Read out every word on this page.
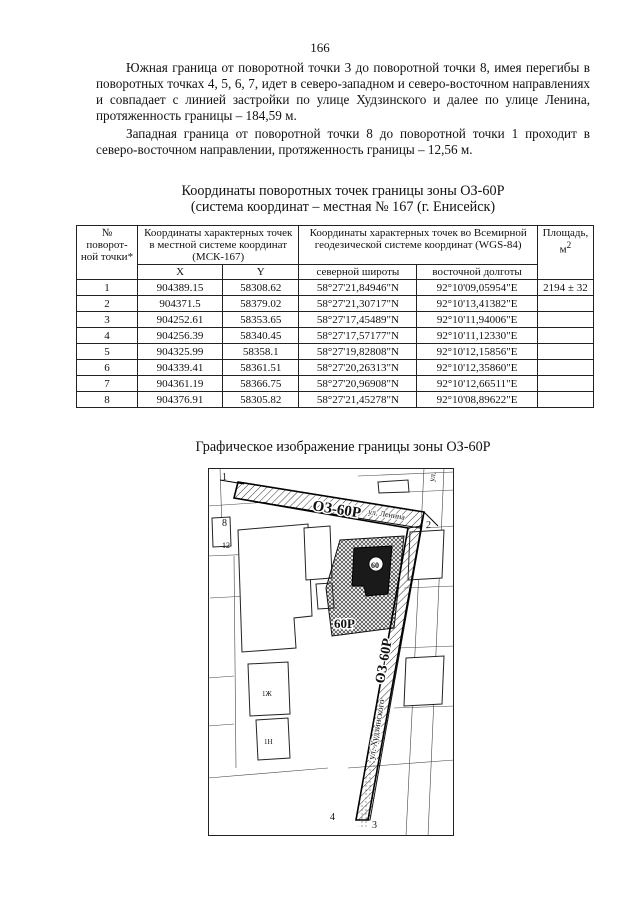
166

Южная граница от поворотной точки 3 до поворотной точки 8, имея перегибы в поворотных точках 4, 5, 6, 7, идет в северо-западном и северо-восточном направлениях и совпадает с линией застройки по улице Худзинского и далее по улице Ленина, протяженность границы – 184,59 м.

Западная граница от поворотной точки 8 до поворотной точки 1 проходит в северо-восточном направлении, протяженность границы – 12,56 м.

Координаты поворотных точек границы зоны ОЗ-60Р
(система координат – местная № 167 (г. Енисейск)
№ поворот-ной точки*	Координаты характерных точек в местной системе координат (МСК-167)		Координаты характерных точек во Всемирной геодезической системе координат (WGS-84)		Площадь, $м^2$
	X	Y	северной широты	восточной долготы	
1	904389.15	58308.62	58°27'21,84946"N	92°10'09,05954"E	2194 ± 32
2	904371.5	58379.02	58°27'21,30717"N	92°10'13,41382"E	
3	904252.61	58353.65	58°27'17,45489"N	92°10'11,94006"E	
4	904256.39	58340.45	58°27'17,57177"N	92°10'11,12330"E	
5	904325.99	58358.1	58°27'19,82808"N	92°10'12,15856"E	
6	904339.41	58361.51	58°27'20,26313"N	92°10'12,35860"E	
7	904361.19	58366.75	58°27'20,96908"N	92°10'12,66511"E	
8	904376.91	58305.82	58°27'21,45278"N	92°10'08,89622"E	
Графическое изображение границы зоны ОЗ-60Р
ОЗ-60Р ул. Ленина
ОЗ-60Р
ул. Худзинского
ул.
60Р
60
1
2
3
4
8
12
1Ж
1Н
